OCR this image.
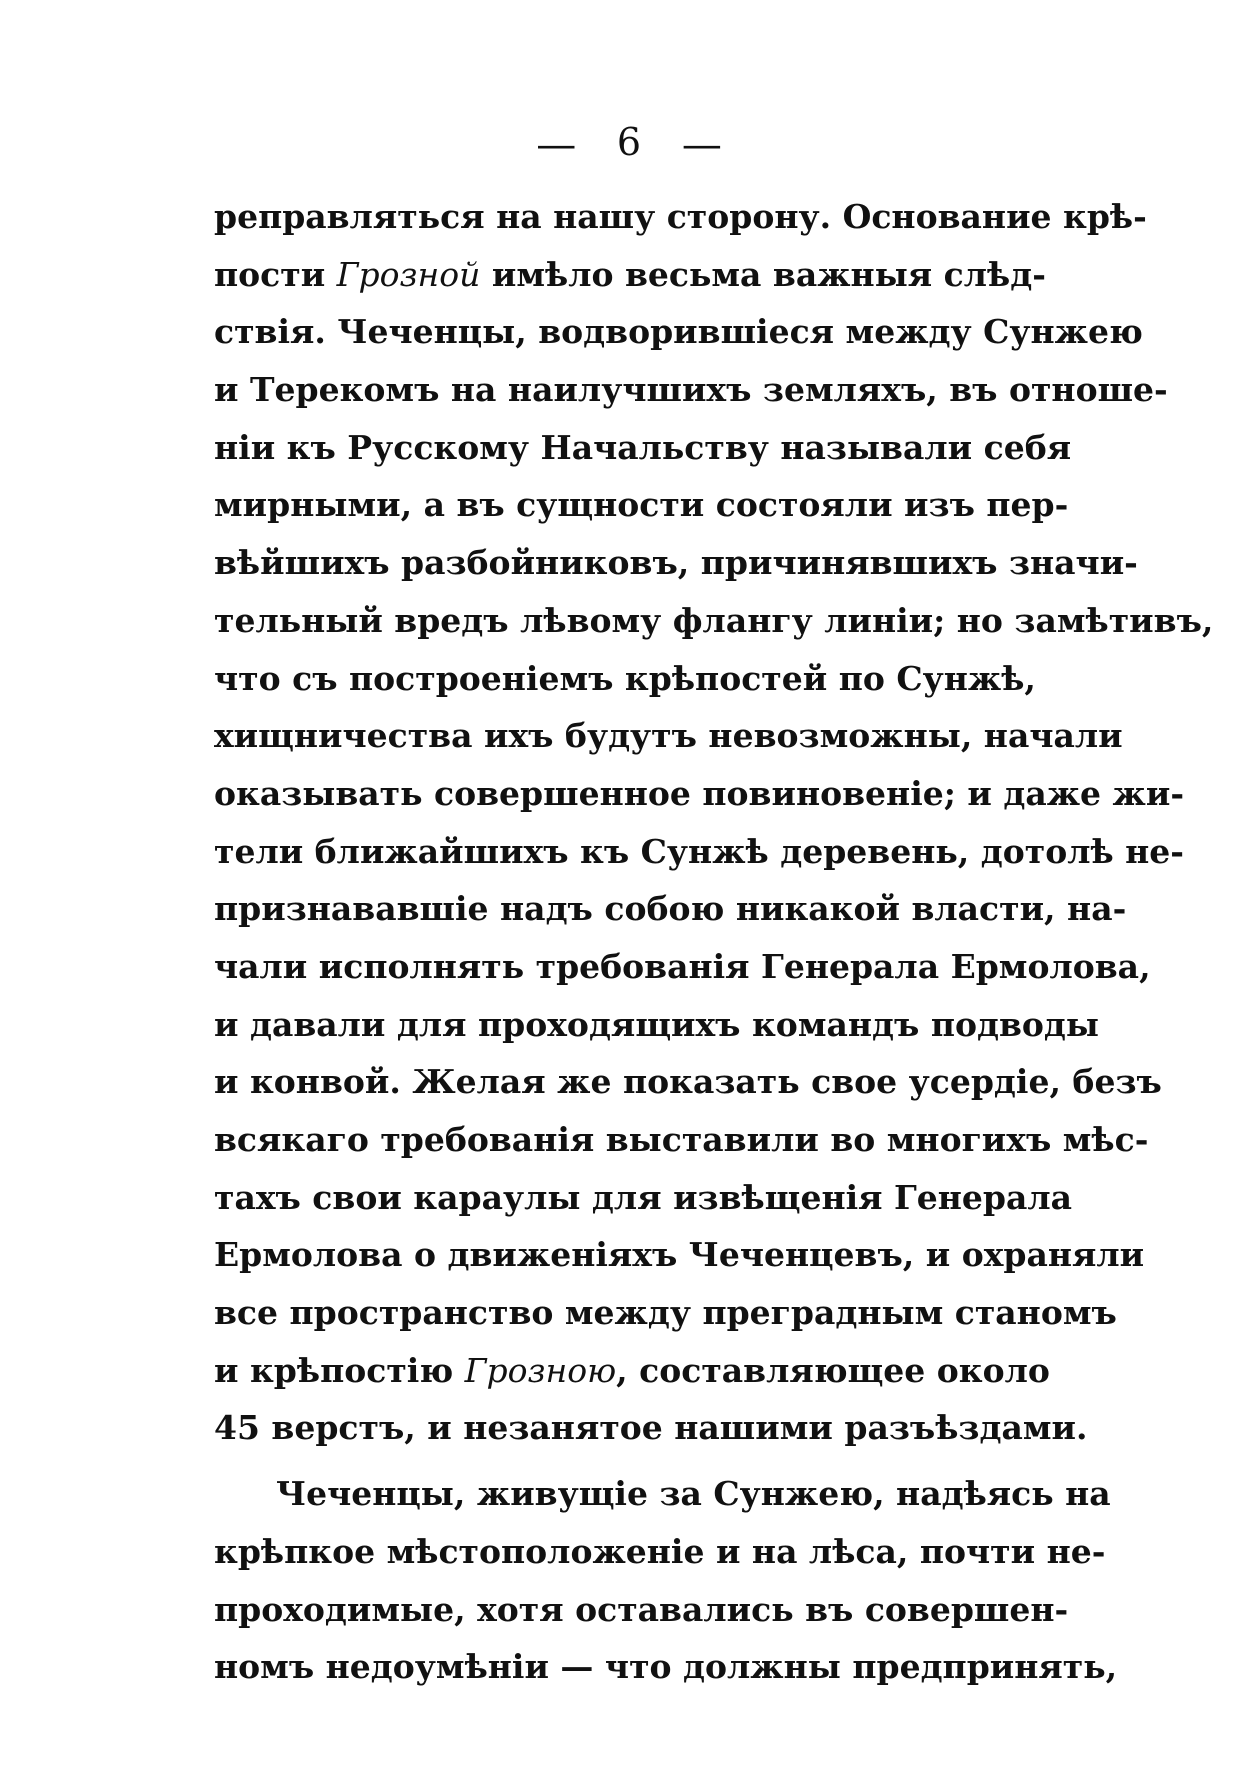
— 6 —
реправляться на нашу сторону. Основание крѣ-
пости Грозной имѣло весьма важныя слѣд-
ствія. Чеченцы, водворившіеся между Сунжею
и Терекомъ на наилучшихъ земляхъ, въ отноше-
ніи къ Русскому Начальству называли себя
мирными, а въ сущности состояли изъ пер-
вѣйшихъ разбойниковъ, причинявшихъ значи-
тельный вредъ лѣвому флангу линіи; но замѣтивъ,
что съ построеніемъ крѣпостей по Сунжѣ,
хищничества ихъ будутъ невозможны, начали
оказывать совершенное повиновеніе; и даже жи-
тели ближайшихъ къ Сунжѣ деревень, дотолѣ не-
признававшіе надъ собою никакой власти, на-
чали исполнять требованія Генерала Ермолова,
и давали для проходящихъ командъ подводы
и конвой. Желая же показать свое усердіе, безъ
всякаго требованія выставили во многихъ мѣс-
тахъ свои караулы для извѣщенія Генерала
Ермолова о движеніяхъ Чеченцевъ, и охраняли
все пространство между преградным станомъ
и крѣпостію Грозною, составляющее около
45 верстъ, и незанятое нашими разъѣздами.
Чеченцы, живущіе за Сунжею, надѣясь на
крѣпкое мѣстоположеніе и на лѣса, почти не-
проходимые, хотя оставались въ совершен-
номъ недоумѣніи — что должны предпринять,
